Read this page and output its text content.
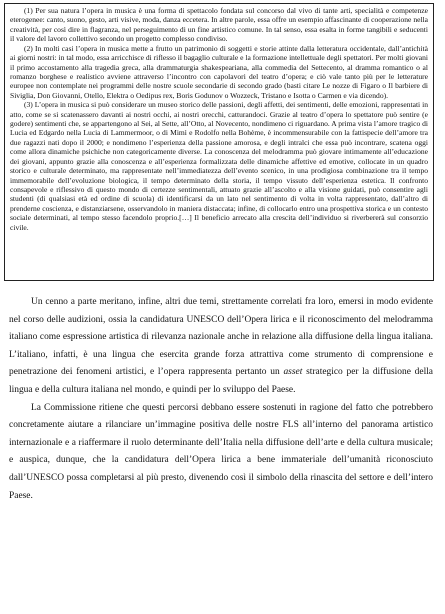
(1) Per sua natura l’opera in musica è una forma di spettacolo fondata sul concorso dal vivo di tante arti, specialità e competenze eterogenee: canto, suono, gesto, arti visive, moda, danza eccetera. In altre parole, essa offre un esempio affascinante di cooperazione nella creatività, per così dire in flagranza, nel perseguimento di un fine artistico comune. In tal senso, essa esalta in forme tangibili e seducenti il valore del lavoro collettivo secondo un progetto complesso condiviso.

(2) In molti casi l’opera in musica mette a frutto un patrimonio di soggetti e storie attinte dalla letteratura occidentale, dall’antichità ai giorni nostri: in tal modo, essa arricchisce di riflesso il bagaglio culturale e la formazione intellettuale degli spettatori. Per molti giovani il primo accostamento alla tragedia greca, alla drammaturgia shakespeariana, alla commedia del Settecento, al dramma romantico o al romanzo borghese e realistico avviene attraverso l’incontro con capolavori del teatro d’opera; e ciò vale tanto più per le letterature europee non contemplate nei programmi delle nostre scuole secondarie di secondo grado (basti citare Le nozze di Figaro o Il barbiere di Siviglia, Don Giovanni, Otello, Elektra o Oedipus rex, Boris Godunov o Wozzeck, Tristano e Isotta o Carmen e via dicendo).

(3) L’opera in musica si può considerare un museo storico delle passioni, degli affetti, dei sentimenti, delle emozioni, rappresentati in atto, come se si scatenassero davanti ai nostri occhi, ai nostri orecchi, catturandoci. Grazie al teatro d’opera lo spettatore può sentire (e godere) sentimenti che, se appartengono al Sei, al Sette, all’Otto, al Novecento, nondimeno ci riguardano. A prima vista l’amore tragico di Lucia ed Edgardo nella Lucia di Lammermoor, o di Mimì e Rodolfo nella Bohème, è incommensurabile con la fattispecie dell’amore tra due ragazzi nati dopo il 2000; e nondimeno l’esperienza della passione amorosa, e degli intralci che essa può incontrare, scatena oggi come allora dinamiche psichiche non categoricamente diverse. La conoscenza del melodramma può giovare intimamente all’educazione dei giovani, appunto grazie alla conoscenza e all’esperienza formalizzata delle dinamiche affettive ed emotive, collocate in un quadro storico e culturale determinato, ma rappresentate nell’immediatezza dell’evento scenico, in una prodigiosa combinazione tra il tempo immemorabile dell’evoluzione biologica, il tempo determinato della storia, il tempo vissuto dell’esperienza estetica. Il confronto consapevole e riflessivo di questo mondo di certezze sentimentali, attuato grazie all’ascolto e alla visione guidati, può consentire agli studenti (di qualsiasi età ed ordine di scuola) di identificarsi da un lato nel sentimento di volta in volta rappresentato, dall’altro di prenderne coscienza, e distanziarsene, osservandolo in maniera distaccata; infine, di collocarlo entro una prospettiva storica e un contesto sociale determinati, al tempo stesso facendolo proprio.[…] Il beneficio arrecato alla crescita dell’individuo si riverbererà sul consorzio civile.

Un cenno a parte meritano, infine, altri due temi, strettamente correlati fra loro, emersi in modo evidente nel corso delle audizioni, ossia la candidatura UNESCO dell’Opera lirica e il riconoscimento del melodramma italiano come espressione artistica di rilevanza nazionale anche in relazione alla diffusione della lingua italiana. L’italiano, infatti, è una lingua che esercita grande forza attrattiva come strumento di comprensione e penetrazione dei fenomeni artistici, e l’opera rappresenta pertanto un asset strategico per la diffusione della lingua e della cultura italiana nel mondo, e quindi per lo sviluppo del Paese.

La Commissione ritiene che questi percorsi debbano essere sostenuti in ragione del fatto che potrebbero concretamente aiutare a rilanciare un’immagine positiva delle nostre FLS all’interno del panorama artistico internazionale e a riaffermare il ruolo determinante dell’Italia nella diffusione dell’arte e della cultura musicale; e auspica, dunque, che la candidatura dell’Opera lirica a bene immateriale dell’umanità riconosciuto dall’UNESCO possa completarsi al più presto, divenendo così il simbolo della rinascita del settore e dell’intero Paese.
